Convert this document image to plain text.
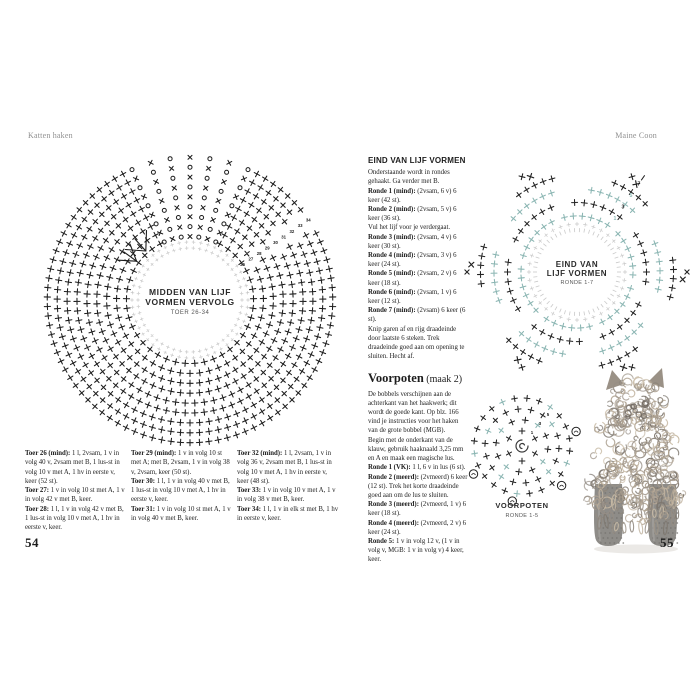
Katten haken	Maine Coon
26
27
28
29
30
31
32
33
34
MIDDEN VAN LIJF
VORMEN VERVOLG
TOER 26-34

Toer 26 (mind): 1 l, 2vsam, 1 v in volg 40 v, 2vsam met B, 1 lus-st in volg 10 v met A, 1 hv in eerste v, keer (52 st).

Toer 27: 1 v in volg 10 st met A, 1 v in volg 42 v met B, keer.

Toer 28: 1 l, 1 v in volg 42 v met B, 1 lus-st in volg 10 v met A, 1 hv in eerste v, keer.

Toer 29 (mind): 1 v in volg 10 st met A; met B, 2vsam, 1 v in volg 38 v, 2vsam, keer (50 st).

Toer 30: 1 l, 1 v in volg 40 v met B, 1 lus-st in volg 10 v met A, 1 hv in eerste v, keer.

Toer 31: 1 v in volg 10 st met A, 1 v in volg 40 v met B, keer.

Toer 32 (mind): 1 l, 2vsam, 1 v in volg 36 v, 2vsam met B, 1 lus-st in volg 10 v met A, 1 hv in eerste v, keer (48 st).

Toer 33: 1 v in volg 10 v met A, 1 v in volg 38 v met B, keer.

Toer 34: 1 l, 1 v in elk st met B, 1 hv in eerste v, keer.

54
EIND VAN LIJF VORMEN

Onderstaande wordt in rondes gehaakt. Ga verder met B.

Ronde 1 (mind): (2vsam, 6 v) 6 keer (42 st).

Ronde 2 (mind): (2vsam, 5 v) 6 keer (36 st).

Vul het lijf voor je verdergaat.

Ronde 3 (mind): (2vsam, 4 v) 6 keer (30 st).

Ronde 4 (mind): (2vsam, 3 v) 6 keer (24 st).

Ronde 5 (mind): (2vsam, 2 v) 6 keer (18 st).

Ronde 6 (mind): (2vsam, 1 v) 6 keer (12 st).

Ronde 7 (mind): (2vsam) 6 keer (6 st).

Knip garen af en rijg draadeinde door laatste 6 steken. Trek draadeinde goed aan om opening te sluiten. Hecht af.

Voorpoten (maak 2)

De bobbels verschijnen aan de achterkant van het haakwerk; dit wordt de goede kant. Op blz. 166 vind je instructies voor het haken van de grote bobbel (MGB).

Begin met de onderkant van de klauw, gebruik haaknaald 3,25 mm en A en maak een magische lus.

Ronde 1 (VK): 1 l, 6 v in lus (6 st).

Ronde 2 (meerd): (2vmeerd) 6 keer (12 st). Trek het korte draadeinde goed aan om de lus te sluiten.

Ronde 3 (meerd): (2vmeerd, 1 v) 6 keer (18 st).

Ronde 4 (meerd): (2vmeerd, 2 v) 6 keer (24 st).

Ronde 5: 1 v in volg 12 v, (1 v in volg v, MGB: 1 v in volg v) 4 keer, keer.

7
5
3
1
EIND VAN
LIJF VORMEN
RONDE 1-7
1
3
5
VOORPOTEN
RONDE 1-5
55
